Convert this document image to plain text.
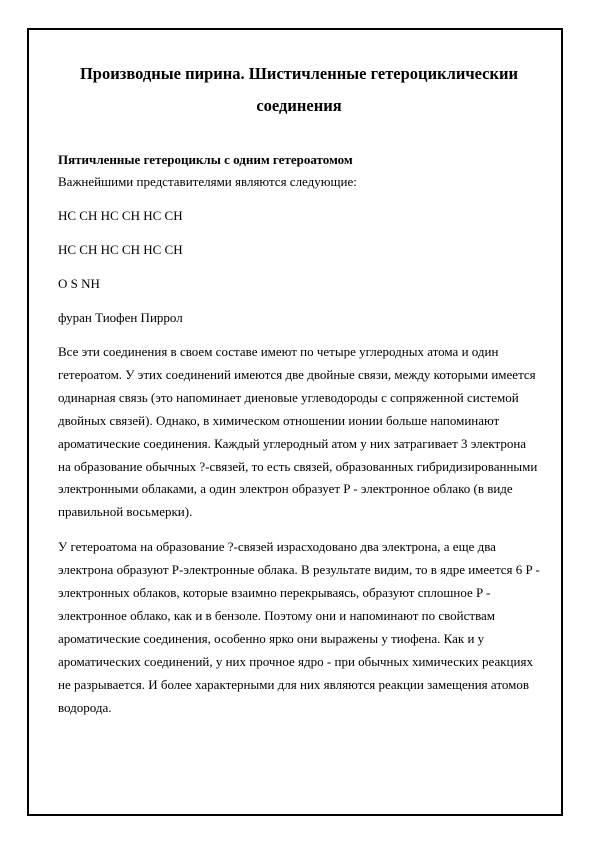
Производные пирина. Шистичленные гетероциклическии соединения

Пятичленные гетероциклы с одним гетероатомом

Важнейшими представителями являются следующие:

HC CH HC CH HC CH

HC CH HC CH HC CH

O S NH

фуран Тиофен Пиррол

Все эти соединения в своем составе имеют по четыре углеродных атома и один гетероатом. У этих соединений имеются две двойные связи, между которыми имеется одинарная связь (это напоминает диеновые углеводороды с сопряженной системой двойных связей). Однако, в химическом отношении ионии больше напоминают ароматические соединения. Каждый углеродный атом у них затрагивает 3 электрона на образование обычных ?-связей, то есть связей, образованных гибридизированными электронными облаками, а один электрон образует P - электронное облако (в виде правильной восьмерки).

У гетероатома на образование ?-связей израсходовано два электрона, а еще два электрона образуют P-электронные облака. В результате видим, то в ядре имеется 6 P - электронных облаков, которые взаимно перекрываясь, образуют сплошное P - электронное облако, как и в бензоле. Поэтому они и напоминают по свойствам ароматические соединения, особенно ярко они выражены у тиофена. Как и у ароматических соединений, у них прочное ядро - при обычных химических реакциях не разрывается. И более характерными для них являются реакции замещения атомов водорода.
